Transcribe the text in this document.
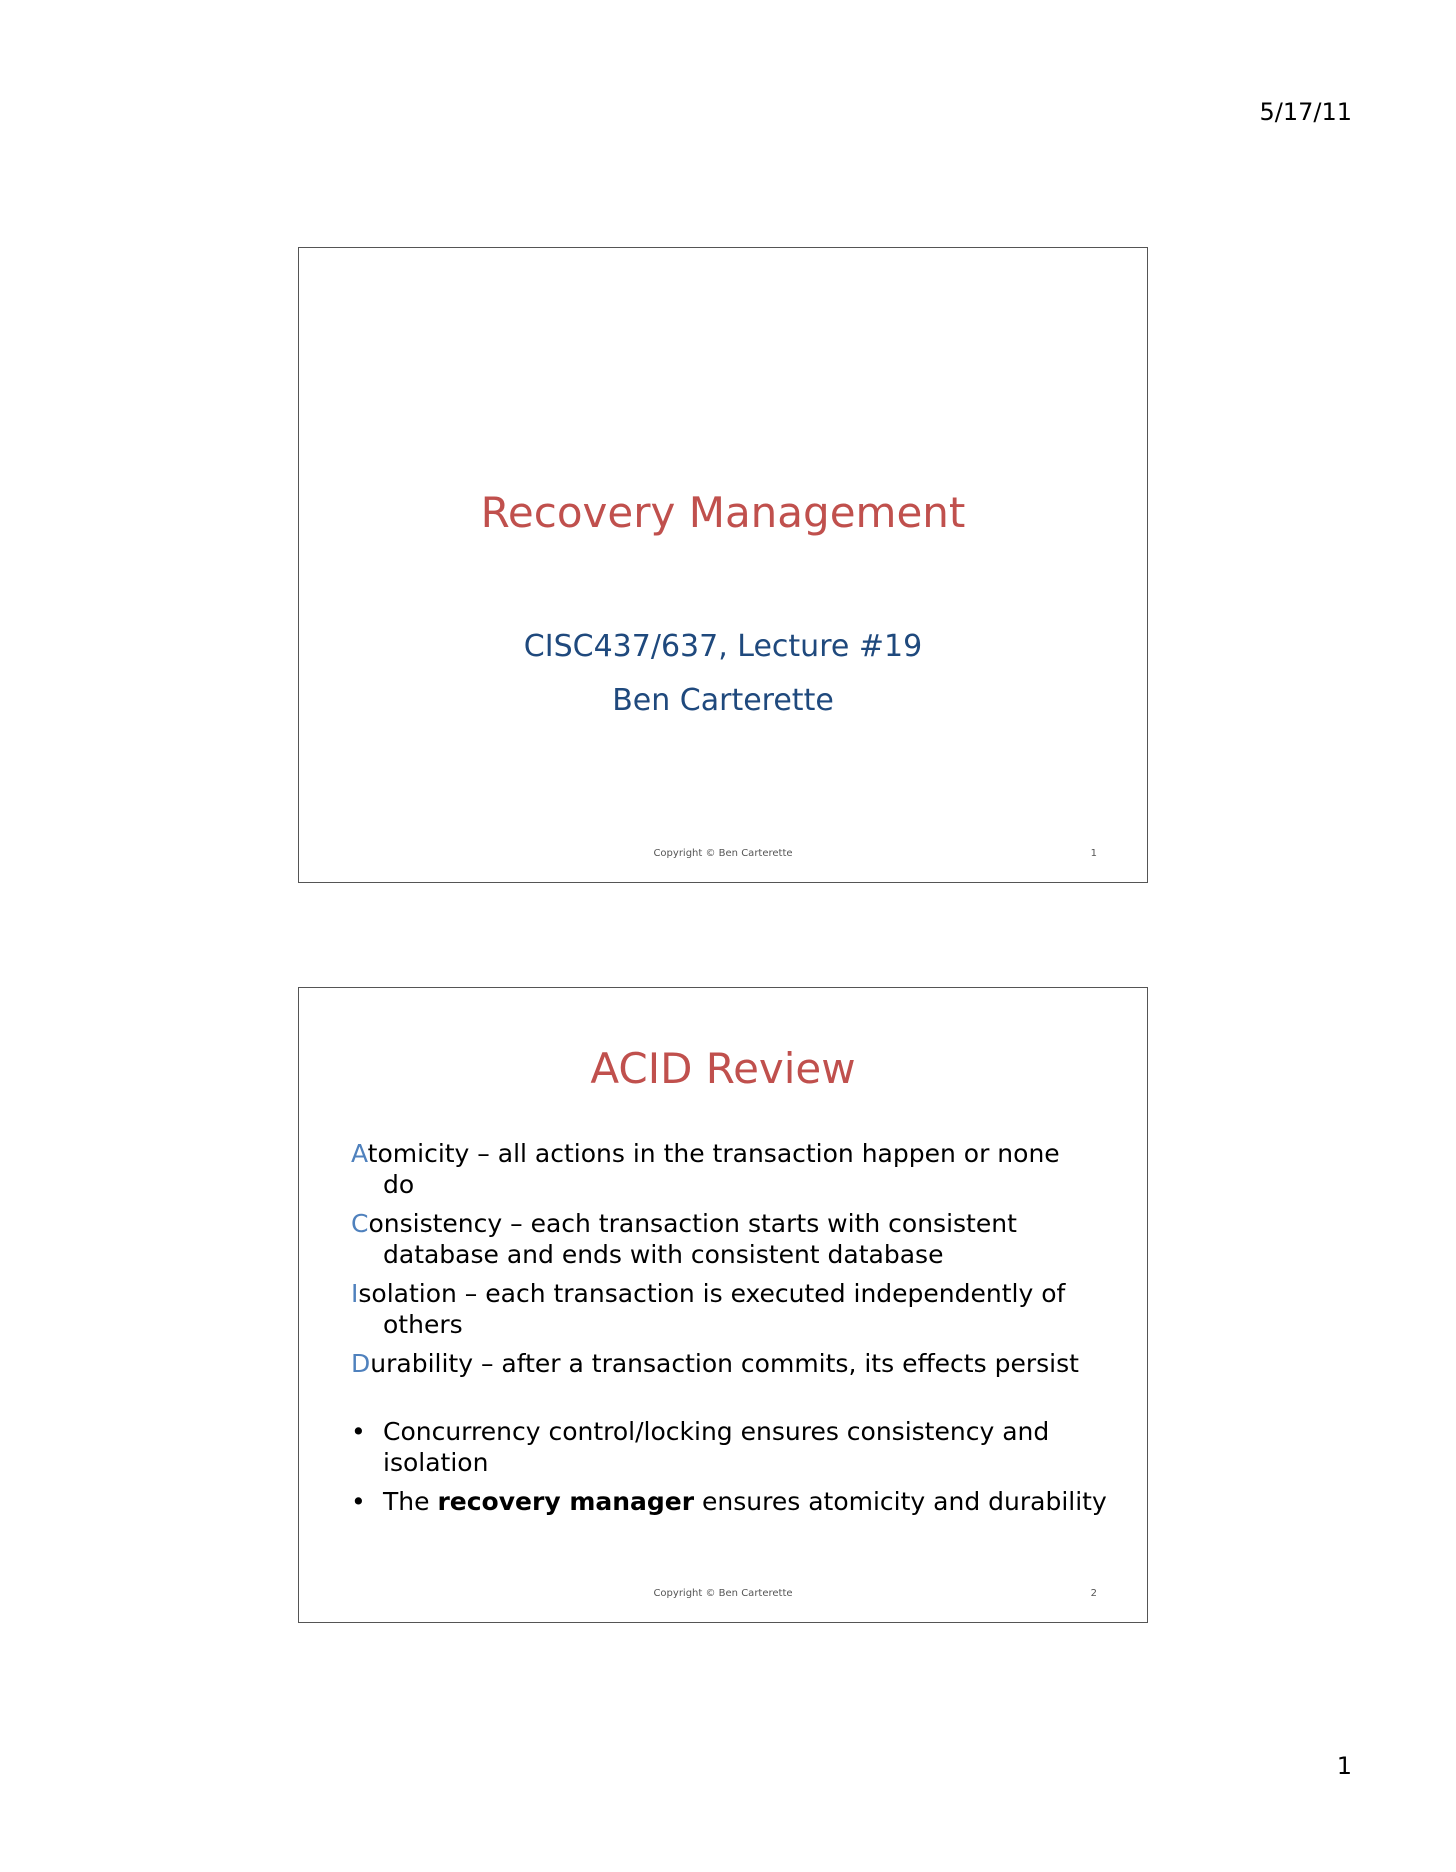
5/17/11
Recovery Management
CISC437/637, Lecture #19
Ben Carterette
Copyright © Ben Carterette	1
ACID Review
Atomicity – all actions in the transaction happen or none do
Consistency – each transaction starts with consistent database and ends with consistent database
Isolation – each transaction is executed independently of others
Durability – after a transaction commits, its effects persist
• Concurrency control/locking ensures consistency and isolation
• The recovery manager ensures atomicity and durability
Copyright © Ben Carterette	2
1
